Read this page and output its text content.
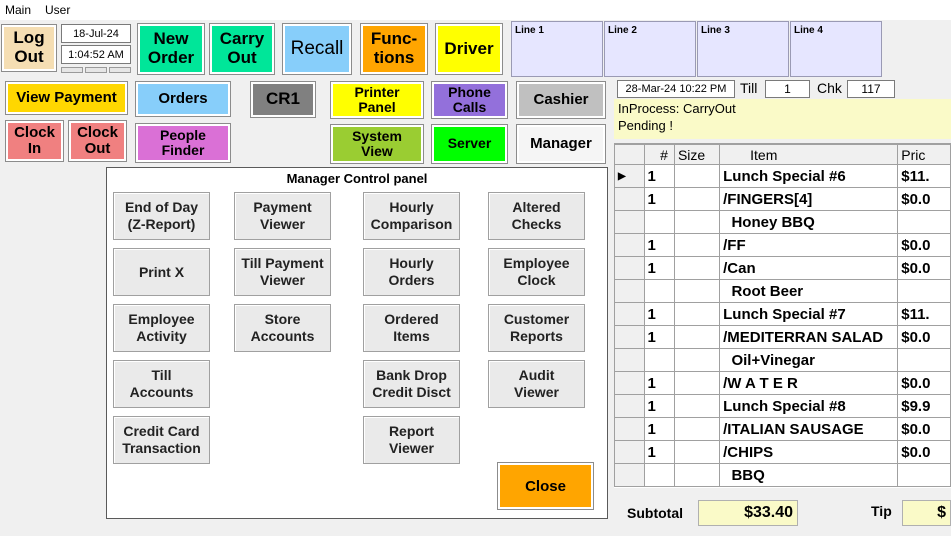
Main User
Log
Out
18-Jul-24
1:04:52 AM
New
Order
Carry
Out	Recall	Func-
tions	Driver
Line 1	Line 2	Line 3	Line 4
View Payment	Orders	CR1	Printer
Panel
Phone
Calls	Cashier
Clock
In
Clock
Out
People
Finder
System
View	Server	Manager
Manager Control panel
End of Day
(Z-Report)
Print X
Employee
Activity
Till
Accounts
Credit Card
Transaction
Payment
Viewer
Till Payment
Viewer
Store
Accounts
Hourly
Comparison
Hourly
Orders
Ordered
Items
Bank Drop
Credit Disct
Report
Viewer
Altered
Checks
Employee
Clock
Customer
Reports
Audit
Viewer
Close
28-Mar-24 10:22 PM Till	1	Chk	117
InProcess: CarryOut
Pending !
	#	Size	Item	Pric
▶	1		Lunch Special #6	$11.
	1		/FINGERS[4]	$0.0
			Honey BBQ	
	1		/FF	$0.0
	1		/Can	$0.0
			Root Beer	
	1		Lunch Special #7	$11.
	1		/MEDITERRAN SALAD	$0.0
			Oil+Vinegar	
	1		/W A T E R	$0.0
	1		Lunch Special #8	$9.9
	1		/ITALIAN SAUSAGE	$0.0
	1		/CHIPS	$0.0
			BBQ	
Subtotal	$33.40	Tip	$
